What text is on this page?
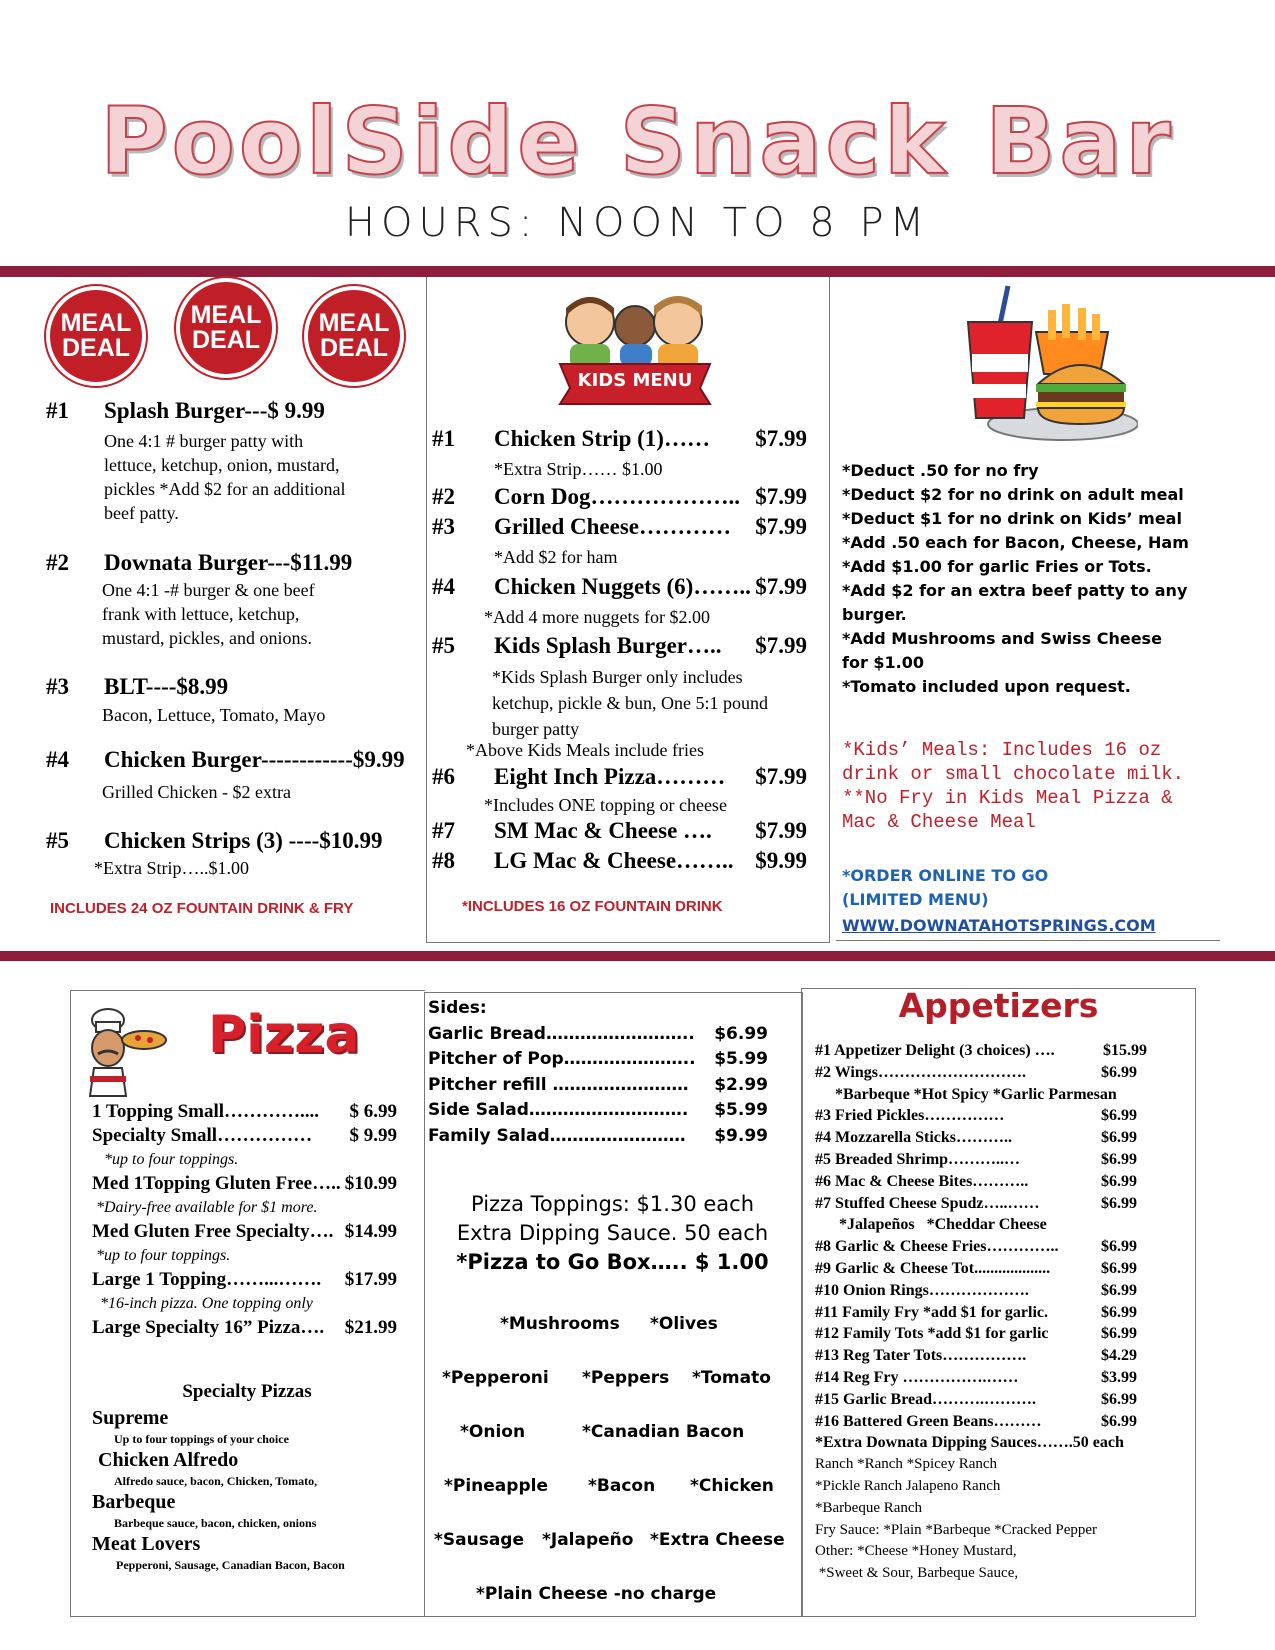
PoolSide Snack Bar
HOURS: NOON TO 8 PM
MEAL
DEAL
MEAL
DEAL
MEAL
DEAL
#1 Splash Burger---$ 9.99
One 4:1 # burger patty with
lettuce, ketchup, onion, mustard,
pickles *Add $2 for an additional
beef patty.
#2 Downata Burger---$11.99
One 4:1 -# burger & one beef
frank with lettuce, ketchup,
mustard, pickles, and onions.
#3 BLT----$8.99
Bacon, Lettuce, Tomato, Mayo
#4 Chicken Burger------------$9.99
Grilled Chicken - $2 extra
#5 Chicken Strips (3) ----$10.99
*Extra Strip…..$1.00
INCLUDES 24 OZ FOUNTAIN DRINK & FRY
KIDS MENU
#1	Chicken Strip (1)……	$7.99
*Extra Strip…… $1.00
#2	Corn Dog……………….. $7.99
#3	Grilled Cheese…………	$7.99
*Add $2 for ham
#4	Chicken Nuggets (6)…….. $7.99
*Add 4 more nuggets for $2.00
#5	Kids Splash Burger…..	$7.99
*Kids Splash Burger only includes ketchup, pickle & bun, One 5:1 pound burger patty
*Above Kids Meals include fries
#6	Eight Inch Pizza………	$7.99
*Includes ONE topping or cheese
#7	SM Mac & Cheese ….	$7.99
#8	LG Mac & Cheese…….. $9.99
*INCLUDES 16 OZ FOUNTAIN DRINK
*Deduct .50 for no fry
*Deduct $2 for no drink on adult meal
*Deduct $1 for no drink on Kids’ meal
*Add .50 each for Bacon, Cheese, Ham
*Add $1.00 for garlic Fries or Tots.
*Add $2 for an extra beef patty to any
burger.
*Add Mushrooms and Swiss Cheese
for $1.00
*Tomato included upon request.
*Kids’ Meals: Includes 16 oz
drink or small chocolate milk.
**No Fry in Kids Meal Pizza &
Mac & Cheese Meal
*ORDER ONLINE TO GO
(LIMITED MENU)
WWW.DOWNATAHOTSPRINGS.COM
Pizza
1 Topping Small…………....	$ 6.99
Specialty Small……………	$ 9.99
*up to four toppings.
Med 1Topping Gluten Free….. $10.99
*Dairy-free available for $1 more.
Med Gluten Free Specialty…. $14.99
*up to four toppings.
Large 1 Topping……...…….	$17.99
*16-inch pizza. One topping only
Large Specialty 16” Pizza….	$21.99
Specialty Pizzas
Supreme
Up to four toppings of your choice
Chicken Alfredo
Alfredo sauce, bacon, Chicken, Tomato,
Barbeque
Barbeque sauce, bacon, chicken, onions
Meat Lovers
Pepperoni, Sausage, Canadian Bacon, Bacon
Sides:
Garlic Bread……………………..	$6.99
Pitcher of Pop…………………..	$5.99
Pitcher refill ……………………	$2.99
Side Salad……………………….	$5.99
Family Salad……………………	$9.99
Pizza Toppings: $1.30 each
Extra Dipping Sauce. 50 each
*Pizza to Go Box….. $ 1.00
*Mushrooms *Olives
*Pepperoni *Peppers *Tomato
*Onion	*Canadian Bacon
*Pineapple *Bacon *Chicken
*Sausage *Jalapeño *Extra Cheese
*Plain Cheese -no charge
Appetizers
#1 Appetizer Delight (3 choices) ….	$15.99
#2 Wings……………………….	$6.99
*Barbeque *Hot Spicy *Garlic Parmesan
#3 Fried Pickles……………	$6.99
#4 Mozzarella Sticks………..	$6.99
#5 Breaded Shrimp………..…	$6.99
#6 Mac & Cheese Bites………..	$6.99
#7 Stuffed Cheese Spudz…..……	$6.99
*Jalapeños   *Cheddar Cheese
#8 Garlic & Cheese Fries…………..	$6.99
#9 Garlic & Cheese Tot...................	$6.99
#10 Onion Rings……………….	$6.99
#11 Family Fry *add $1 for garlic.	$6.99
#12 Family Tots *add $1 for garlic	$6.99
#13 Reg Tater Tots…………….	$4.29
#14 Reg Fry …………….……	$3.99
#15 Garlic Bread……….……….	$6.99
#16 Battered Green Beans………	$6.99
*Extra Downata Dipping Sauces…….50 each
Ranch *Ranch *Spicey Ranch
*Pickle Ranch Jalapeno Ranch
*Barbeque Ranch
Fry Sauce: *Plain *Barbeque *Cracked Pepper
Other: *Cheese *Honey Mustard,
*Sweet & Sour, Barbeque Sauce,
